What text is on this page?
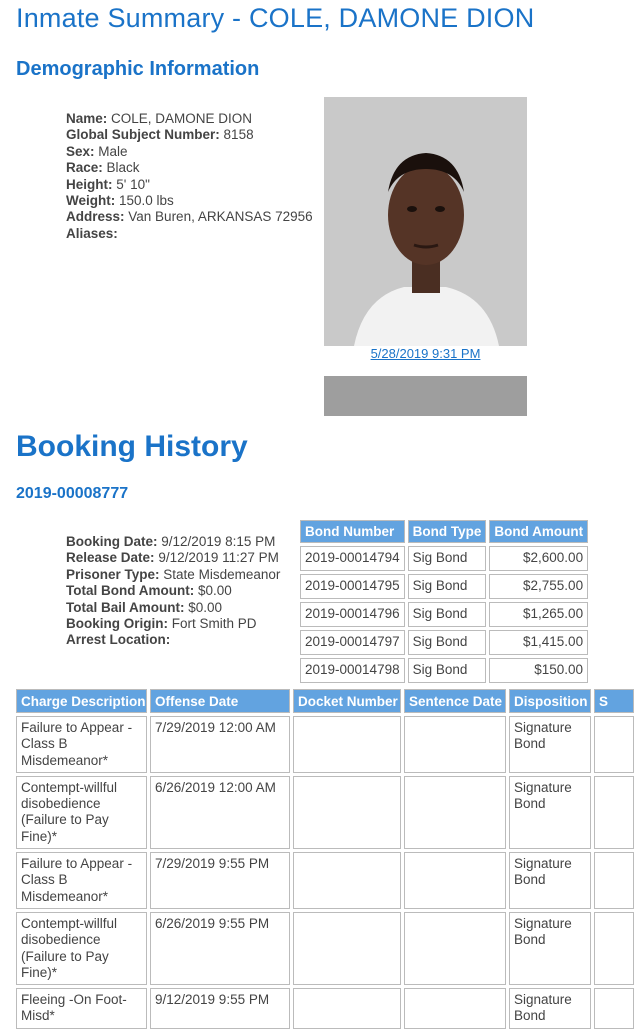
Inmate Summary - COLE, DAMONE DION
Demographic Information
Name: COLE, DAMONE DION
Global Subject Number: 8158
Sex: Male
Race: Black
Height: 5' 10"
Weight: 150.0 lbs
Address: Van Buren, ARKANSAS 72956
Aliases:
5/28/2019 9:31 PM
Booking History
2019-00008777
Booking Date: 9/12/2019 8:15 PM
Release Date: 9/12/2019 11:27 PM
Prisoner Type: State Misdemeanor
Total Bond Amount: $0.00
Total Bail Amount: $0.00
Booking Origin: Fort Smith PD
Arrest Location:
Bond Number	Bond Type	Bond Amount
2019-00014794	Sig Bond	$2,600.00
2019-00014795	Sig Bond	$2,755.00
2019-00014796	Sig Bond	$1,265.00
2019-00014797	Sig Bond	$1,415.00
2019-00014798	Sig Bond	$150.00
Charge Description	Offense Date	Docket Number	Sentence Date	Disposition	S
Failure to Appear - Class B Misdemeanor*	7/29/2019 12:00 AM			Signature Bond	
Contempt-willful disobedience (Failure to Pay Fine)*	6/26/2019 12:00 AM			Signature Bond	
Failure to Appear - Class B Misdemeanor*	7/29/2019 9:55 PM			Signature Bond	
Contempt-willful disobedience (Failure to Pay Fine)*	6/26/2019 9:55 PM			Signature Bond	
Fleeing -On Foot-Misd*	9/12/2019 9:55 PM			Signature Bond	
